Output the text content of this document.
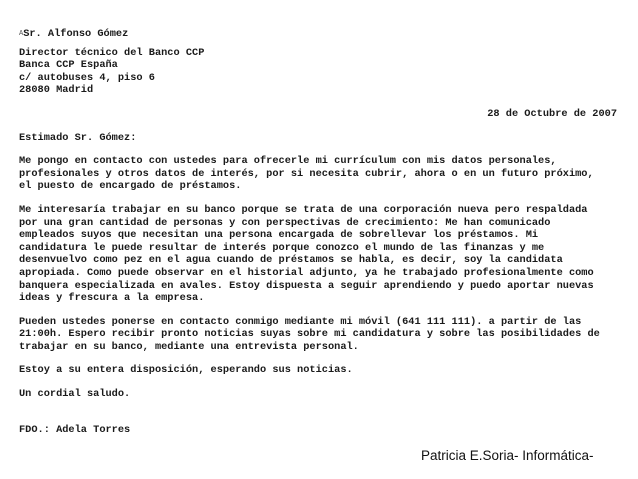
$^A$Sr. Alfonso Gómez
Director técnico del Banco CCP
Banca CCP España
c/ autobuses 4, piso 6
28080 Madrid
28 de Octubre de 2007
Estimado Sr. Gómez:
Me pongo en contacto con ustedes para ofrecerle mi currículum con mis datos personales,
profesionales y otros datos de interés, por si necesita cubrir, ahora o en un futuro próximo,
el puesto de encargado de préstamos.
Me interesaría trabajar en su banco porque se trata de una corporación nueva pero respaldada
por una gran cantidad de personas y con perspectivas de crecimiento: Me han comunicado
empleados suyos que necesitan una persona encargada de sobrellevar los préstamos. Mi
candidatura le puede resultar de interés porque conozco el mundo de las finanzas y me
desenvuelvo como pez en el agua cuando de préstamos se habla, es decir, soy la candidata
apropiada. Como puede observar en el historial adjunto, ya he trabajado profesionalmente como
banquera especializada en avales. Estoy dispuesta a seguir aprendiendo y puedo aportar nuevas
ideas y frescura a la empresa.
Pueden ustedes ponerse en contacto conmigo mediante mi móvil (641 111 111). a partir de las
21:00h. Espero recibir pronto noticias suyas sobre mi candidatura y sobre las posibilidades de
trabajar en su banco, mediante una entrevista personal.
Estoy a su entera disposición, esperando sus noticias.
Un cordial saludo.
FDO.: Adela Torres
Patricia E.Soria- Informática-
